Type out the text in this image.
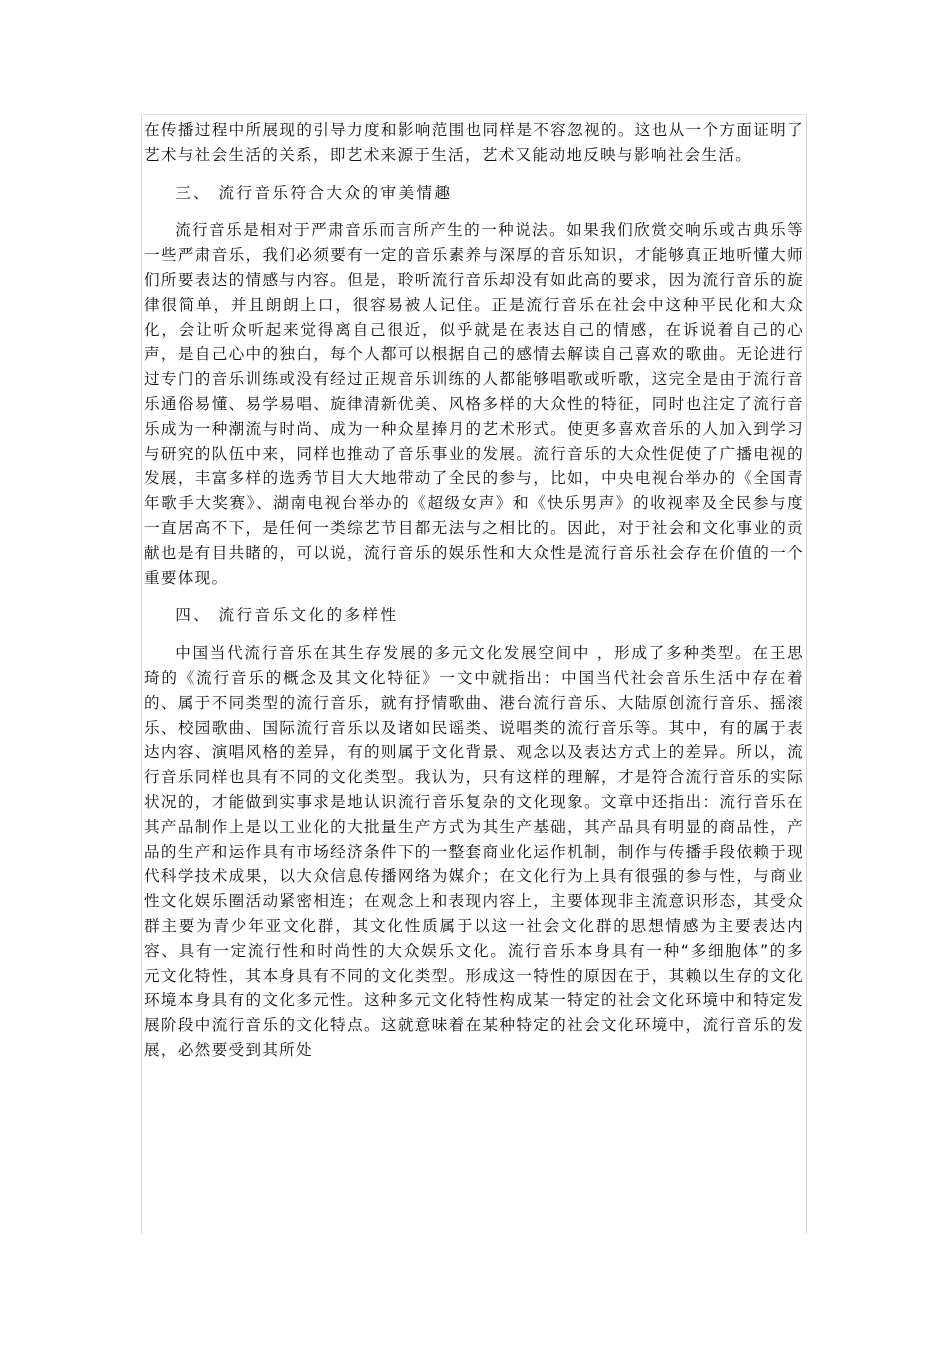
在传播过程中所展现的引导力度和影响范围也同样是不容忽视的。这也从一个方面证明了艺术与社会生活的关系，即艺术来源于生活，艺术又能动地反映与影响社会生活。

三、 流行音乐符合大众的审美情趣

流行音乐是相对于严肃音乐而言所产生的一种说法。如果我们欣赏交响乐或古典乐等一些严肃音乐，我们必须要有一定的音乐素养与深厚的音乐知识，才能够真正地听懂大师们所要表达的情感与内容。但是，聆听流行音乐却没有如此高的要求，因为流行音乐的旋律很简单，并且朗朗上口，很容易被人记住。正是流行音乐在社会中这种平民化和大众化，会让听众听起来觉得离自己很近，似乎就是在表达自己的情感，在诉说着自己的心声，是自己心中的独白，每个人都可以根据自己的感情去解读自己喜欢的歌曲。无论进行过专门的音乐训练或没有经过正规音乐训练的人都能够唱歌或听歌，这完全是由于流行音乐通俗易懂、易学易唱、旋律清新优美、风格多样的大众性的特征，同时也注定了流行音乐成为一种潮流与时尚、成为一种众星捧月的艺术形式。使更多喜欢音乐的人加入到学习与研究的队伍中来，同样也推动了音乐事业的发展。流行音乐的大众性促使了广播电视的发展，丰富多样的选秀节目大大地带动了全民的参与，比如，中央电视台举办的《全国青年歌手大奖赛》、湖南电视台举办的《超级女声》和《快乐男声》的收视率及全民参与度一直居高不下，是任何一类综艺节目都无法与之相比的。因此，对于社会和文化事业的贡献也是有目共睹的，可以说，流行音乐的娱乐性和大众性是流行音乐社会存在价值的一个重要体现。

四、 流行音乐文化的多样性

中国当代流行音乐在其生存发展的多元文化发展空间中 ，形成了多种类型。在王思琦的《流行音乐的概念及其文化特征》一文中就指出：中国当代社会音乐生活中存在着的、属于不同类型的流行音乐，就有抒情歌曲、港台流行音乐、大陆原创流行音乐、摇滚乐、校园歌曲、国际流行音乐以及诸如民谣类、说唱类的流行音乐等。其中，有的属于表达内容、演唱风格的差异，有的则属于文化背景、观念以及表达方式上的差异。所以，流行音乐同样也具有不同的文化类型。我认为，只有这样的理解，才是符合流行音乐的实际状况的，才能做到实事求是地认识流行音乐复杂的文化现象。文章中还指出：流行音乐在其产品制作上是以工业化的大批量生产方式为其生产基础，其产品具有明显的商品性，产品的生产和运作具有市场经济条件下的一整套商业化运作机制，制作与传播手段依赖于现代科学技术成果，以大众信息传播网络为媒介；在文化行为上具有很强的参与性，与商业性文化娱乐圈活动紧密相连；在观念上和表现内容上，主要体现非主流意识形态，其受众群主要为青少年亚文化群，其文化性质属于以这一社会文化群的思想情感为主要表达内容、具有一定流行性和时尚性的大众娱乐文化。流行音乐本身具有一种“多细胞体”的多元文化特性，其本身具有不同的文化类型。形成这一特性的原因在于，其赖以生存的文化环境本身具有的文化多元性。这种多元文化特性构成某一特定的社会文化环境中和特定发展阶段中流行音乐的文化特点。这就意味着在某种特定的社会文化环境中，流行音乐的发展，必然要受到其所处
